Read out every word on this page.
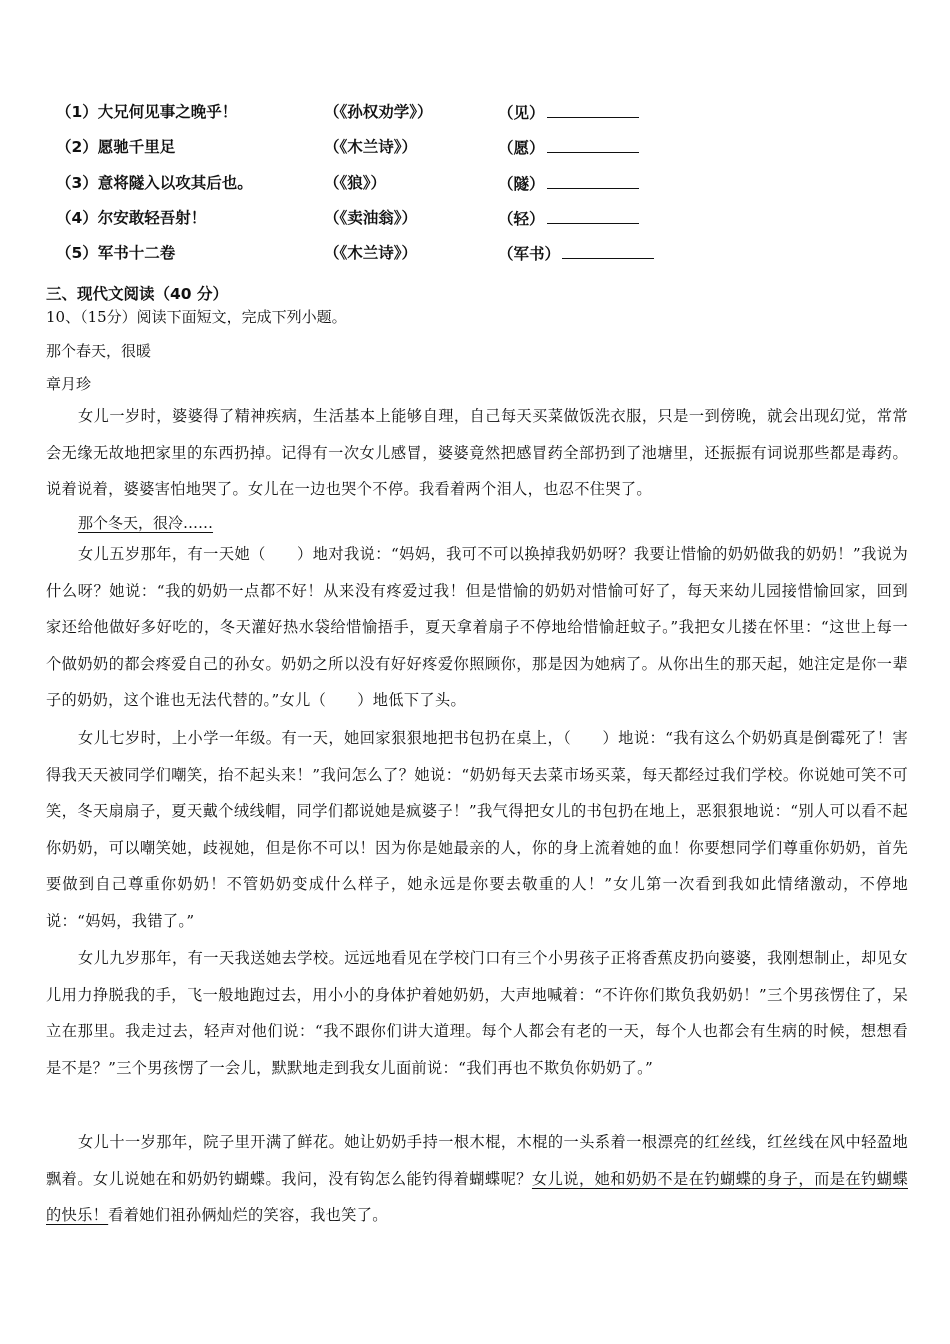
（1）大兄何见事之晚乎！	（《孙权劝学》）	（见）
（2）愿驰千里足	（《木兰诗》）	（愿）
（3）意将隧入以攻其后也。	（《狼》）	（隧）
（4）尔安敢轻吾射！	（《卖油翁》）	（轻）
（5）军书十二卷	（《木兰诗》）	（军书）
三、现代文阅读（40 分）
10、（15分）阅读下面短文，完成下列小题。
那个春天，很暖
章月珍

女儿一岁时，婆婆得了精神疾病，生活基本上能够自理，自己每天买菜做饭洗衣服，只是一到傍晚，就会出现幻觉，常常会无缘无故地把家里的东西扔掉。记得有一次女儿感冒，婆婆竟然把感冒药全部扔到了池塘里，还振振有词说那些都是毒药。说着说着，婆婆害怕地哭了。女儿在一边也哭个不停。我看着两个泪人，也忍不住哭了。

那个冬天，很冷……

女儿五岁那年，有一天她（　　）地对我说：“妈妈，我可不可以换掉我奶奶呀？我要让惜愉的奶奶做我的奶奶！”我说为什么呀？她说：“我的奶奶一点都不好！从来没有疼爱过我！但是惜愉的奶奶对惜愉可好了，每天来幼儿园接惜愉回家，回到家还给他做好多好吃的，冬天灌好热水袋给惜愉捂手，夏天拿着扇子不停地给惜愉赶蚊子。”我把女儿搂在怀里：“这世上每一个做奶奶的都会疼爱自己的孙女。奶奶之所以没有好好疼爱你照顾你，那是因为她病了。从你出生的那天起，她注定是你一辈子的奶奶，这个谁也无法代替的。”女儿（　　）地低下了头。

女儿七岁时，上小学一年级。有一天，她回家狠狠地把书包扔在桌上，（　　）地说：“我有这么个奶奶真是倒霉死了！害得我天天被同学们嘲笑，抬不起头来！”我问怎么了？她说：“奶奶每天去菜市场买菜，每天都经过我们学校。你说她可笑不可笑，冬天扇扇子，夏天戴个绒线帽，同学们都说她是疯婆子！”我气得把女儿的书包扔在地上，恶狠狠地说：“别人可以看不起你奶奶，可以嘲笑她，歧视她，但是你不可以！因为你是她最亲的人，你的身上流着她的血！你要想同学们尊重你奶奶，首先要做到自己尊重你奶奶！不管奶奶变成什么样子，她永远是你要去敬重的人！”女儿第一次看到我如此情绪激动，不停地说：“妈妈，我错了。”

女儿九岁那年，有一天我送她去学校。远远地看见在学校门口有三个小男孩子正将香蕉皮扔向婆婆，我刚想制止，却见女儿用力挣脱我的手，飞一般地跑过去，用小小的身体护着她奶奶，大声地喊着：“不许你们欺负我奶奶！”三个男孩愣住了，呆立在那里。我走过去，轻声对他们说：“我不跟你们讲大道理。每个人都会有老的一天，每个人也都会有生病的时候，想想看是不是？”三个男孩愣了一会儿，默默地走到我女儿面前说：“我们再也不欺负你奶奶了。”

女儿十一岁那年，院子里开满了鲜花。她让奶奶手持一根木棍，木棍的一头系着一根漂亮的红丝线，红丝线在风中轻盈地飘着。女儿说她在和奶奶钓蝴蝶。我问，没有钩怎么能钓得着蝴蝶呢？女儿说，她和奶奶不是在钓蝴蝶的身子，而是在钓蝴蝶的快乐！看着她们祖孙俩灿烂的笑容，我也笑了。
